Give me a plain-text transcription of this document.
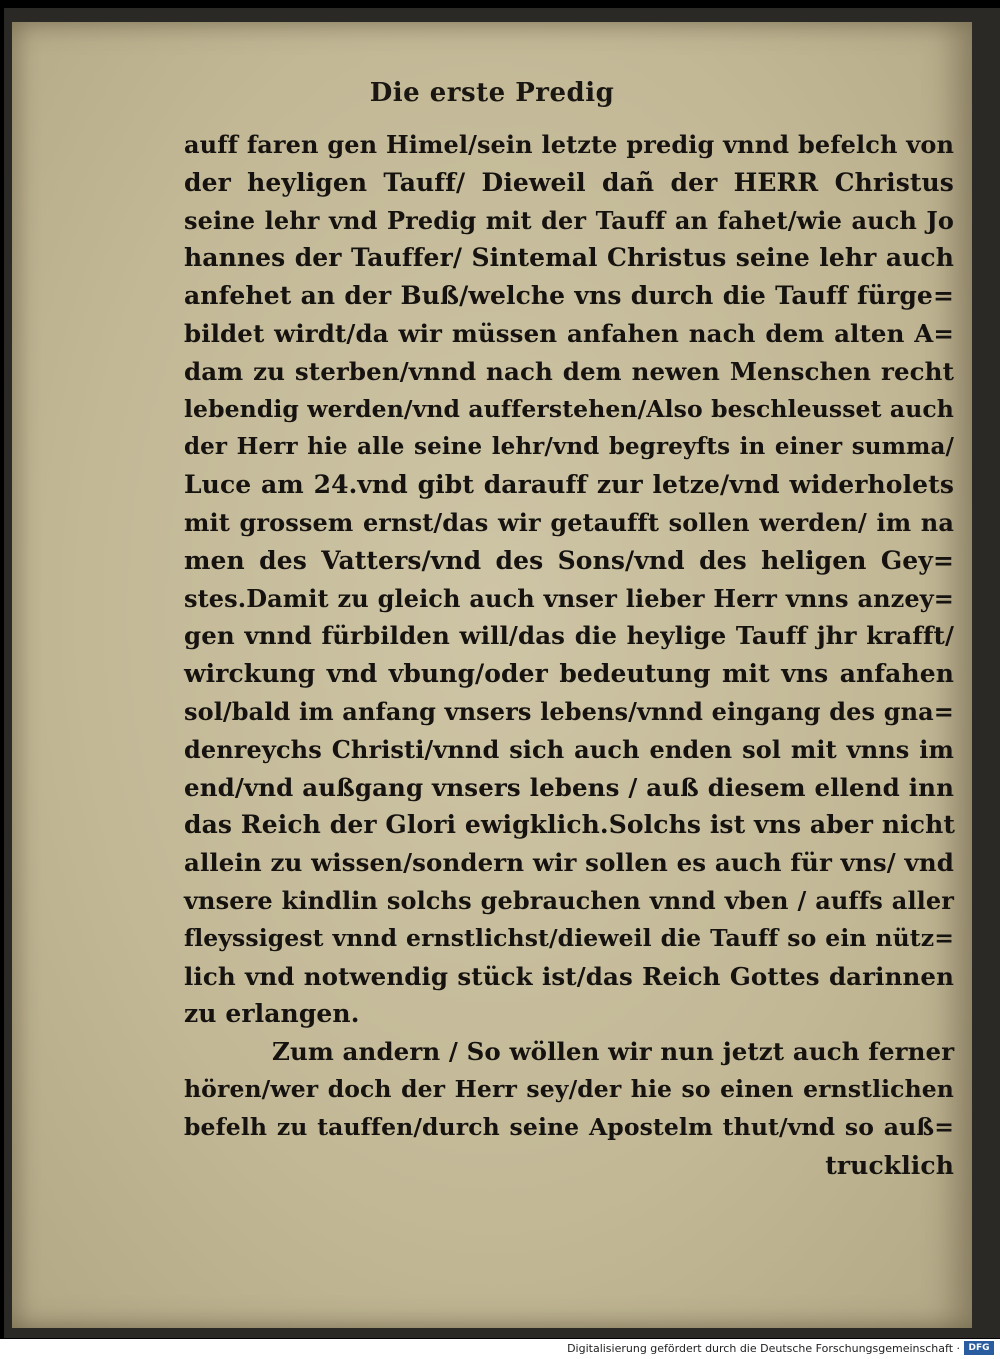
Die erste Predig
auff faren gen Himel/sein letzte predig vnnd befelch von
der heyligen Tauff/ Dieweil dañ der HERR Christus
seine lehr vnd Predig mit der Tauff an fahet/wie auch Jo
hannes der Tauffer/ Sintemal Christus seine lehr auch
anfehet an der Buß/welche vns durch die Tauff fürge=
bildet wirdt/da wir müssen anfahen nach dem alten A=
dam zu sterben/vnnd nach dem newen Menschen recht
lebendig werden/vnd aufferstehen/Also beschleusset auch
der Herr hie alle seine lehr/vnd begreyfts in einer summa/
Luce am 24.vnd gibt darauff zur letze/vnd widerholets
mit grossem ernst/das wir getaufft sollen werden/ im na
men des Vatters/vnd des Sons/vnd des heligen Gey=
stes.Damit zu gleich auch vnser lieber Herr vnns anzey=
gen vnnd fürbilden will/das die heylige Tauff jhr krafft/
wirckung vnd vbung/oder bedeutung mit vns anfahen
sol/bald im anfang vnsers lebens/vnnd eingang des gna=
denreychs Christi/vnnd sich auch enden sol mit vnns im
end/vnd außgang vnsers lebens / auß diesem ellend inn
das Reich der Glori ewigklich.Solchs ist vns aber nicht
allein zu wissen/sondern wir sollen es auch für vns/ vnd
vnsere kindlin solchs gebrauchen vnnd vben / auffs aller
fleyssigest vnnd ernstlichst/dieweil die Tauff so ein nütz=
lich vnd notwendig stück ist/das Reich Gottes darinnen
zu erlangen.
Zum andern / So wöllen wir nun jetzt auch ferner
hören/wer doch der Herr sey/der hie so einen ernstlichen
befelh zu tauffen/durch seine Apostelm thut/vnd so auß=
trucklich
Digitalisierung gefördert durch die Deutsche Forschungsgemeinschaft · DFG
